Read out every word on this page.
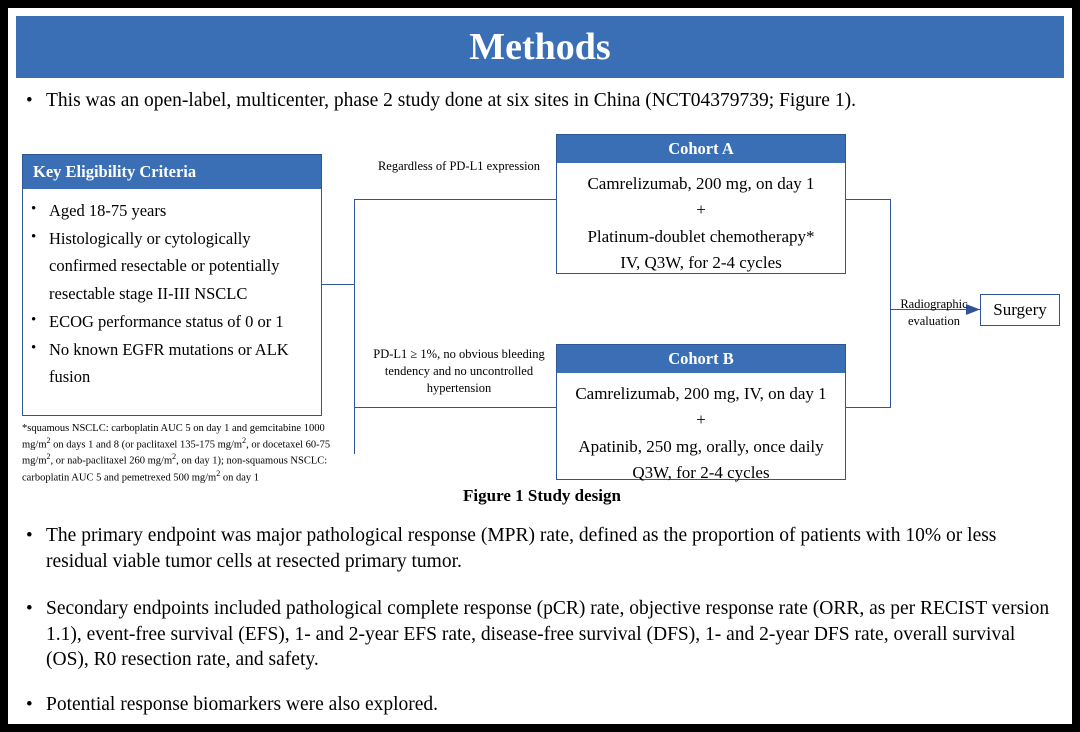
Methods
• This was an open-label, multicenter, phase 2 study done at six sites in China (NCT04379739; Figure 1).
Key Eligibility Criteria
• Aged 18-75 years
• Histologically or cytologically confirmed resectable or potentially resectable stage II-III NSCLC
• ECOG performance status of 0 or 1
• No known EGFR mutations or ALK fusion
*squamous NSCLC: carboplatin AUC 5 on day 1 and gemcitabine 1000 $mg/m^2$ on days 1 and 8 (or paclitaxel 135-175 $mg/m^2$, or docetaxel 60-75 $mg/m^2$, or nab-paclitaxel 260 $mg/m^2$, on day 1); non-squamous NSCLC: carboplatin AUC 5 and pemetrexed 500 $mg/m^2$ on day 1
Regardless of PD-L1 expression
PD-L1 ≥ 1%, no obvious bleeding tendency and no uncontrolled hypertension
Radiographic evaluation
Cohort A
Camrelizumab, 200 mg, on day 1
+
Platinum-doublet chemotherapy*
IV, Q3W, for 2-4 cycles
Cohort B
Camrelizumab, 200 mg, IV, on day 1
+
Apatinib, 250 mg, orally, once daily
Q3W, for 2-4 cycles
Surgery
Figure 1 Study design
• The primary endpoint was major pathological response (MPR) rate, defined as the proportion of patients with 10% or less residual viable tumor cells at resected primary tumor.
• Secondary endpoints included pathological complete response (pCR) rate, objective response rate (ORR, as per RECIST version 1.1), event-free survival (EFS), 1- and 2-year EFS rate, disease-free survival (DFS), 1- and 2-year DFS rate, overall survival (OS), R0 resection rate, and safety.
• Potential response biomarkers were also explored.
